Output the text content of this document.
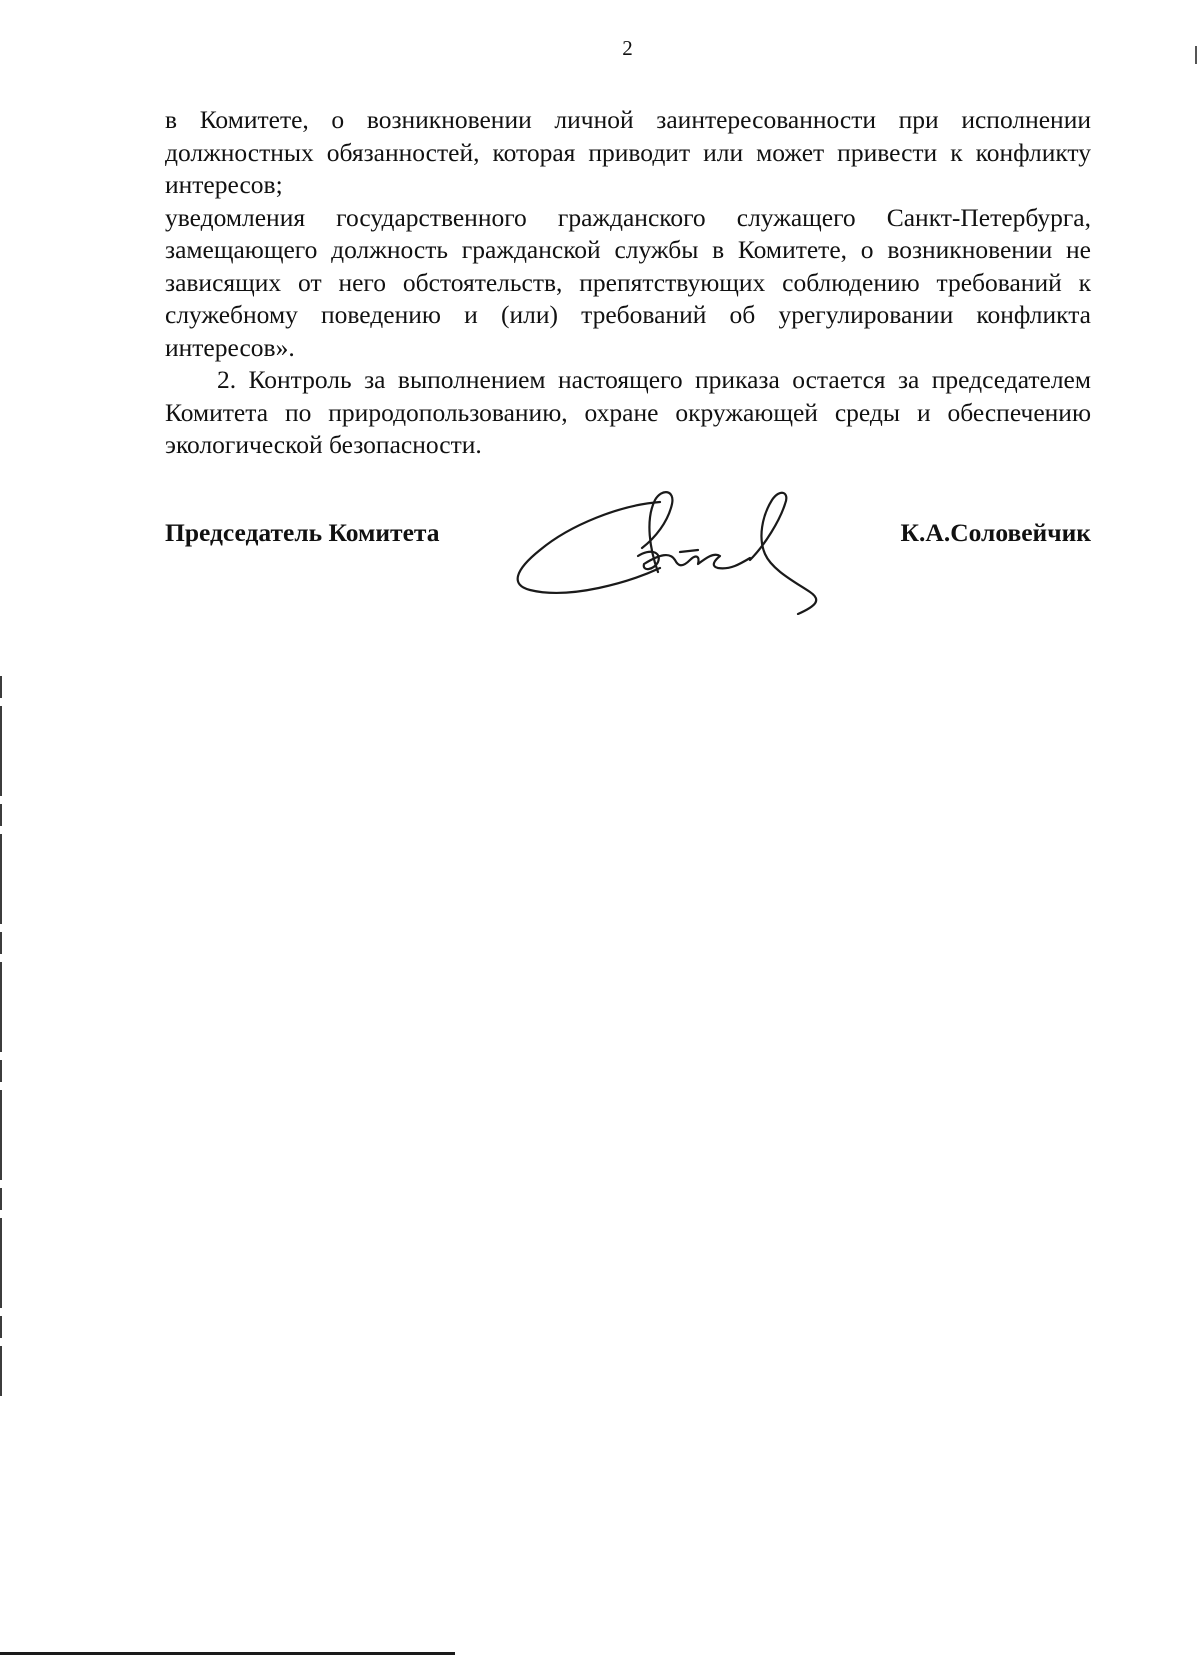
2

в Комитете, о возникновении личной заинтересованности при исполнении должностных обязанностей, которая приводит или может привести к конфликту интересов;

уведомления государственного гражданского служащего Санкт-Петербурга, замещающего должность гражданской службы в Комитете, о возникновении не зависящих от него обстоятельств, препятствующих соблюдению требований к служебному поведению и (или) требований об урегулировании конфликта интересов».

2. Контроль за выполнением настоящего приказа остается за председателем Комитета по природопользованию, охране окружающей среды и обеспечению экологической безопасности.

Председатель Комитета	К.А.Соловейчик
